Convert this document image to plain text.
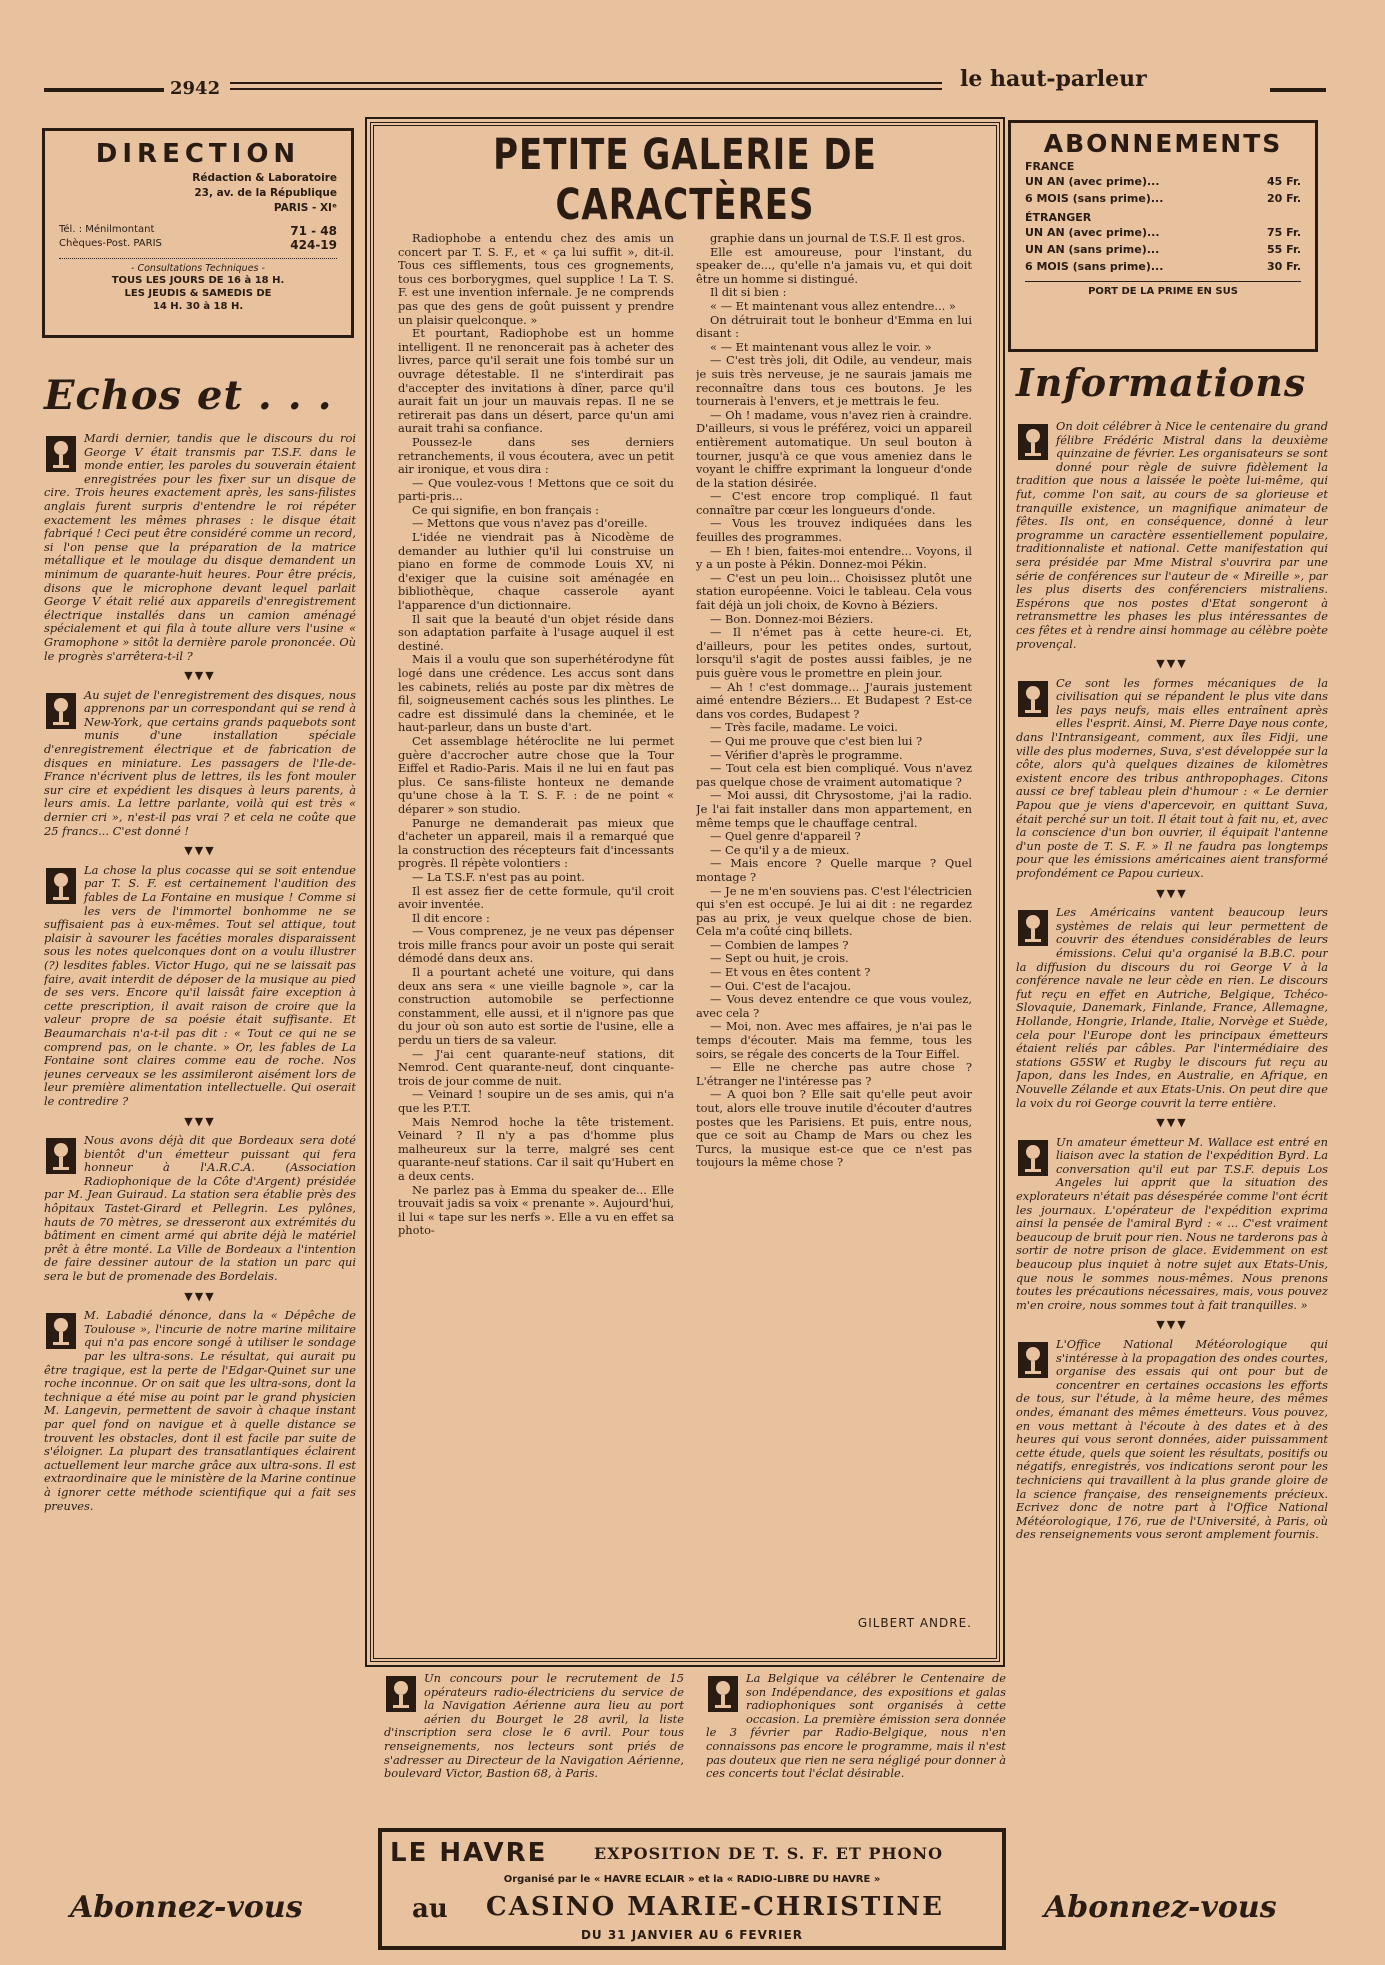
2942	le haut-parleur
DIRECTION
Rédaction & Laboratoire
23, av. de la République
PARIS - XIᵉ
Tél. : Ménilmontant	71 - 48
Chèques-Post. PARIS	424-19
- Consultations Techniques -
TOUS LES JOURS DE 16 à 18 H.
LES JEUDIS & SAMEDIS DE
14 H. 30 à 18 H.
ABONNEMENTS
FRANCE
UN AN (avec prime)...	45 Fr.
6 MOIS (sans prime)...	20 Fr.
ÉTRANGER
UN AN (avec prime)...	75 Fr.
UN AN (sans prime)...	55 Fr.
6 MOIS (sans prime)...	30 Fr.
PORT DE LA PRIME EN SUS
Echos et . . .
Mardi dernier, tandis que le discours du roi George V était transmis par T.S.F. dans le monde entier, les paroles du souverain étaient enregistrées pour les fixer sur un disque de cire. Trois heures exactement après, les sans-filistes anglais furent surpris d'entendre le roi répéter exactement les mêmes phrases : le disque était fabriqué ! Ceci peut être considéré comme un record, si l'on pense que la préparation de la matrice métallique et le moulage du disque demandent un minimum de quarante-huit heures. Pour être précis, disons que le microphone devant lequel parlait George V était relié aux appareils d'enregistrement électrique installés dans un camion aménagé spécialement et qui fila à toute allure vers l'usine « Gramophone » sitôt la dernière parole prononcée. Où le progrès s'arrêtera-t-il ?
▼▼▼
Au sujet de l'enregistrement des disques, nous apprenons par un correspondant qui se rend à New-York, que certains grands paquebots sont munis d'une installation spéciale d'enregistrement électrique et de fabrication de disques en miniature. Les passagers de l'Ile-de-France n'écrivent plus de lettres, ils les font mouler sur cire et expédient les disques à leurs parents, à leurs amis. La lettre parlante, voilà qui est très « dernier cri », n'est-il pas vrai ? et cela ne coûte que 25 francs... C'est donné !
▼▼▼
La chose la plus cocasse qui se soit entendue par T. S. F. est certainement l'audition des fables de La Fontaine en musique ! Comme si les vers de l'immortel bonhomme ne se suffisaient pas à eux-mêmes. Tout sel attique, tout plaisir à savourer les facéties morales disparaissent sous les notes quelconques dont on a voulu illustrer (?) lesdites fables. Victor Hugo, qui ne se laissait pas faire, avait interdit de déposer de la musique au pied de ses vers. Encore qu'il laissât faire exception à cette prescription, il avait raison de croire que la valeur propre de sa poésie était suffisante. Et Beaumarchais n'a-t-il pas dit : « Tout ce qui ne se comprend pas, on le chante. » Or, les fables de La Fontaine sont claires comme eau de roche. Nos jeunes cerveaux se les assimileront aisément lors de leur première alimentation intellectuelle. Qui oserait le contredire ?
▼▼▼
Nous avons déjà dit que Bordeaux sera doté bientôt d'un émetteur puissant qui fera honneur à l'A.R.C.A. (Association Radiophonique de la Côte d'Argent) présidée par M. Jean Guiraud. La station sera établie près des hôpitaux Tastet-Girard et Pellegrin. Les pylônes, hauts de 70 mètres, se dresseront aux extrémités du bâtiment en ciment armé qui abrite déjà le matériel prêt à être monté. La Ville de Bordeaux a l'intention de faire dessiner autour de la station un parc qui sera le but de promenade des Bordelais.
▼▼▼
M. Labadié dénonce, dans la « Dépêche de Toulouse », l'incurie de notre marine militaire qui n'a pas encore songé à utiliser le sondage par les ultra-sons. Le résultat, qui aurait pu être tragique, est la perte de l'Edgar-Quinet sur une roche inconnue. Or on sait que les ultra-sons, dont la technique a été mise au point par le grand physicien M. Langevin, permettent de savoir à chaque instant par quel fond on navigue et à quelle distance se trouvent les obstacles, dont il est facile par suite de s'éloigner. La plupart des transatlantiques éclairent actuellement leur marche grâce aux ultra-sons. Il est extraordinaire que le ministère de la Marine continue à ignorer cette méthode scientifique qui a fait ses preuves.
Abonnez-vous
PETITE GALERIE DE CARACTÈRES

Radiophobe a entendu chez des amis un concert par T. S. F., et « ça lui suffit », dit-il. Tous ces sifflements, tous ces grognements, tous ces borborygmes, quel supplice ! La T. S. F. est une invention infernale. Je ne comprends pas que des gens de goût puissent y prendre un plaisir quelconque. »

Et pourtant, Radiophobe est un homme intelligent. Il ne renoncerait pas à acheter des livres, parce qu'il serait une fois tombé sur un ouvrage détestable. Il ne s'interdirait pas d'accepter des invitations à dîner, parce qu'il aurait fait un jour un mauvais repas. Il ne se retirerait pas dans un désert, parce qu'un ami aurait trahi sa confiance.

Poussez-le dans ses derniers retranchements, il vous écoutera, avec un petit air ironique, et vous dira :

— Que voulez-vous ! Mettons que ce soit du parti-pris...

Ce qui signifie, en bon français :

— Mettons que vous n'avez pas d'oreille.

L'idée ne viendrait pas à Nicodème de demander au luthier qu'il lui construise un piano en forme de commode Louis XV, ni d'exiger que la cuisine soit aménagée en bibliothèque, chaque casserole ayant l'apparence d'un dictionnaire.

Il sait que la beauté d'un objet réside dans son adaptation parfaite à l'usage auquel il est destiné.

Mais il a voulu que son superhétérodyne fût logé dans une crédence. Les accus sont dans les cabinets, reliés au poste par dix mètres de fil, soigneusement cachés sous les plinthes. Le cadre est dissimulé dans la cheminée, et le haut-parleur, dans un buste d'art.

Cet assemblage hétéroclite ne lui permet guère d'accrocher autre chose que la Tour Eiffel et Radio-Paris. Mais il ne lui en faut pas plus. Ce sans-filiste honteux ne demande qu'une chose à la T. S. F. : de ne point « déparer » son studio.

Panurge ne demanderait pas mieux que d'acheter un appareil, mais il a remarqué que la construction des récepteurs fait d'incessants progrès. Il répète volontiers :

— La T.S.F. n'est pas au point.

Il est assez fier de cette formule, qu'il croit avoir inventée.

Il dit encore :

— Vous comprenez, je ne veux pas dépenser trois mille francs pour avoir un poste qui serait démodé dans deux ans.

Il a pourtant acheté une voiture, qui dans deux ans sera « une vieille bagnole », car la construction automobile se perfectionne constamment, elle aussi, et il n'ignore pas que du jour où son auto est sortie de l'usine, elle a perdu un tiers de sa valeur.

— J'ai cent quarante-neuf stations, dit Nemrod. Cent quarante-neuf, dont cinquante-trois de jour comme de nuit.

— Veinard ! soupire un de ses amis, qui n'a que les P.T.T.

Mais Nemrod hoche la tête tristement. Veinard ? Il n'y a pas d'homme plus malheureux sur la terre, malgré ses cent quarante-neuf stations. Car il sait qu'Hubert en a deux cents.

Ne parlez pas à Emma du speaker de... Elle trouvait jadis sa voix « prenante ». Aujourd'hui, il lui « tape sur les nerfs ». Elle a vu en effet sa photo-

graphie dans un journal de T.S.F. Il est gros.

Elle est amoureuse, pour l'instant, du speaker de..., qu'elle n'a jamais vu, et qui doit être un homme si distingué.

Il dit si bien :

« — Et maintenant vous allez entendre... »

On détruirait tout le bonheur d'Emma en lui disant :

« — Et maintenant vous allez le voir. »

— C'est très joli, dit Odile, au vendeur, mais je suis très nerveuse, je ne saurais jamais me reconnaître dans tous ces boutons. Je les tournerais à l'envers, et je mettrais le feu.

— Oh ! madame, vous n'avez rien à craindre. D'ailleurs, si vous le préférez, voici un appareil entièrement automatique. Un seul bouton à tourner, jusqu'à ce que vous ameniez dans le voyant le chiffre exprimant la longueur d'onde de la station désirée.

— C'est encore trop compliqué. Il faut connaître par cœur les longueurs d'onde.

— Vous les trouvez indiquées dans les feuilles des programmes.

— Eh ! bien, faites-moi entendre... Voyons, il y a un poste à Pékin. Donnez-moi Pékin.

— C'est un peu loin... Choisissez plutôt une station européenne. Voici le tableau. Cela vous fait déjà un joli choix, de Kovno à Béziers.

— Bon. Donnez-moi Béziers.

— Il n'émet pas à cette heure-ci. Et, d'ailleurs, pour les petites ondes, surtout, lorsqu'il s'agit de postes aussi faibles, je ne puis guère vous le promettre en plein jour.

— Ah ! c'est dommage... J'aurais justement aimé entendre Béziers... Et Budapest ? Est-ce dans vos cordes, Budapest ?

— Très facile, madame. Le voici.

— Qui me prouve que c'est bien lui ?

— Vérifier d'après le programme.

— Tout cela est bien compliqué. Vous n'avez pas quelque chose de vraiment automatique ?

— Moi aussi, dit Chrysostome, j'ai la radio. Je l'ai fait installer dans mon appartement, en même temps que le chauffage central.

— Quel genre d'appareil ?

— Ce qu'il y a de mieux.

— Mais encore ? Quelle marque ? Quel montage ?

— Je ne m'en souviens pas. C'est l'électricien qui s'en est occupé. Je lui ai dit : ne regardez pas au prix, je veux quelque chose de bien. Cela m'a coûté cinq billets.

— Combien de lampes ?

— Sept ou huit, je crois.

— Et vous en êtes content ?

— Oui. C'est de l'acajou.

— Vous devez entendre ce que vous voulez, avec cela ?

— Moi, non. Avec mes affaires, je n'ai pas le temps d'écouter. Mais ma femme, tous les soirs, se régale des concerts de la Tour Eiffel.

— Elle ne cherche pas autre chose ? L'étranger ne l'intéresse pas ?

— A quoi bon ? Elle sait qu'elle peut avoir tout, alors elle trouve inutile d'écouter d'autres postes que les Parisiens. Et puis, entre nous, que ce soit au Champ de Mars ou chez les Turcs, la musique est-ce que ce n'est pas toujours la même chose ?

GILBERT ANDRE.
Un concours pour le recrutement de 15 opérateurs radio-électriciens du service de la Navigation Aérienne aura lieu au port aérien du Bourget le 28 avril, la liste d'inscription sera close le 6 avril. Pour tous renseignements, nos lecteurs sont priés de s'adresser au Directeur de la Navigation Aérienne, boulevard Victor, Bastion 68, à Paris.
La Belgique va célébrer le Centenaire de son Indépendance, des expositions et galas radiophoniques sont organisés à cette occasion. La première émission sera donnée le 3 février par Radio-Belgique, nous n'en connaissons pas encore le programme, mais il n'est pas douteux que rien ne sera négligé pour donner à ces concerts tout l'éclat désirable.
LE HAVRE	EXPOSITION DE T. S. F. ET PHONO
Organisé par le « HAVRE ECLAIR » et la « RADIO-LIBRE DU HAVRE »
au CASINO MARIE-CHRISTINE
DU 31 JANVIER AU 6 FEVRIER
Informations
On doit célébrer à Nice le centenaire du grand félibre Frédéric Mistral dans la deuxième quinzaine de février. Les organisateurs se sont donné pour règle de suivre fidèlement la tradition que nous a laissée le poète lui-même, qui fut, comme l'on sait, au cours de sa glorieuse et tranquille existence, un magnifique animateur de fêtes. Ils ont, en conséquence, donné à leur programme un caractère essentiellement populaire, traditionnaliste et national. Cette manifestation qui sera présidée par Mme Mistral s'ouvrira par une série de conférences sur l'auteur de « Mireille », par les plus diserts des conférenciers mistraliens. Espérons que nos postes d'Etat songeront à retransmettre les phases les plus intéressantes de ces fêtes et à rendre ainsi hommage au célèbre poète provençal.
▼▼▼
Ce sont les formes mécaniques de la civilisation qui se répandent le plus vite dans les pays neufs, mais elles entraînent après elles l'esprit. Ainsi, M. Pierre Daye nous conte, dans l'Intransigeant, comment, aux îles Fidji, une ville des plus modernes, Suva, s'est développée sur la côte, alors qu'à quelques dizaines de kilomètres existent encore des tribus anthropophages. Citons aussi ce bref tableau plein d'humour : « Le dernier Papou que je viens d'apercevoir, en quittant Suva, était perché sur un toit. Il était tout à fait nu, et, avec la conscience d'un bon ouvrier, il équipait l'antenne d'un poste de T. S. F. » Il ne faudra pas longtemps pour que les émissions américaines aient transformé profondément ce Papou curieux.
▼▼▼
Les Américains vantent beaucoup leurs systèmes de relais qui leur permettent de couvrir des étendues considérables de leurs émissions. Celui qu'a organisé la B.B.C. pour la diffusion du discours du roi George V à la conférence navale ne leur cède en rien. Le discours fut reçu en effet en Autriche, Belgique, Tchéco-Slovaquie, Danemark, Finlande, France, Allemagne, Hollande, Hongrie, Irlande, Italie, Norvège et Suède, cela pour l'Europe dont les principaux émetteurs étaient reliés par câbles. Par l'intermédiaire des stations G5SW et Rugby le discours fut reçu au Japon, dans les Indes, en Australie, en Afrique, en Nouvelle Zélande et aux Etats-Unis. On peut dire que la voix du roi George couvrit la terre entière.
▼▼▼
Un amateur émetteur M. Wallace est entré en liaison avec la station de l'expédition Byrd. La conversation qu'il eut par T.S.F. depuis Los Angeles lui apprit que la situation des explorateurs n'était pas désespérée comme l'ont écrit les journaux. L'opérateur de l'expédition exprima ainsi la pensée de l'amiral Byrd : « ... C'est vraiment beaucoup de bruit pour rien. Nous ne tarderons pas à sortir de notre prison de glace. Evidemment on est beaucoup plus inquiet à notre sujet aux Etats-Unis, que nous le sommes nous-mêmes. Nous prenons toutes les précautions nécessaires, mais, vous pouvez m'en croire, nous sommes tout à fait tranquilles. »
▼▼▼
L'Office National Météorologique qui s'intéresse à la propagation des ondes courtes, organise des essais qui ont pour but de concentrer en certaines occasions les efforts de tous, sur l'étude, à la même heure, des mêmes ondes, émanant des mêmes émetteurs. Vous pouvez, en vous mettant à l'écoute à des dates et à des heures qui vous seront données, aider puissamment cette étude, quels que soient les résultats, positifs ou négatifs, enregistrés, vos indications seront pour les techniciens qui travaillent à la plus grande gloire de la science française, des renseignements précieux. Ecrivez donc de notre part à l'Office National Météorologique, 176, rue de l'Université, à Paris, où des renseignements vous seront amplement fournis.
Abonnez-vous
